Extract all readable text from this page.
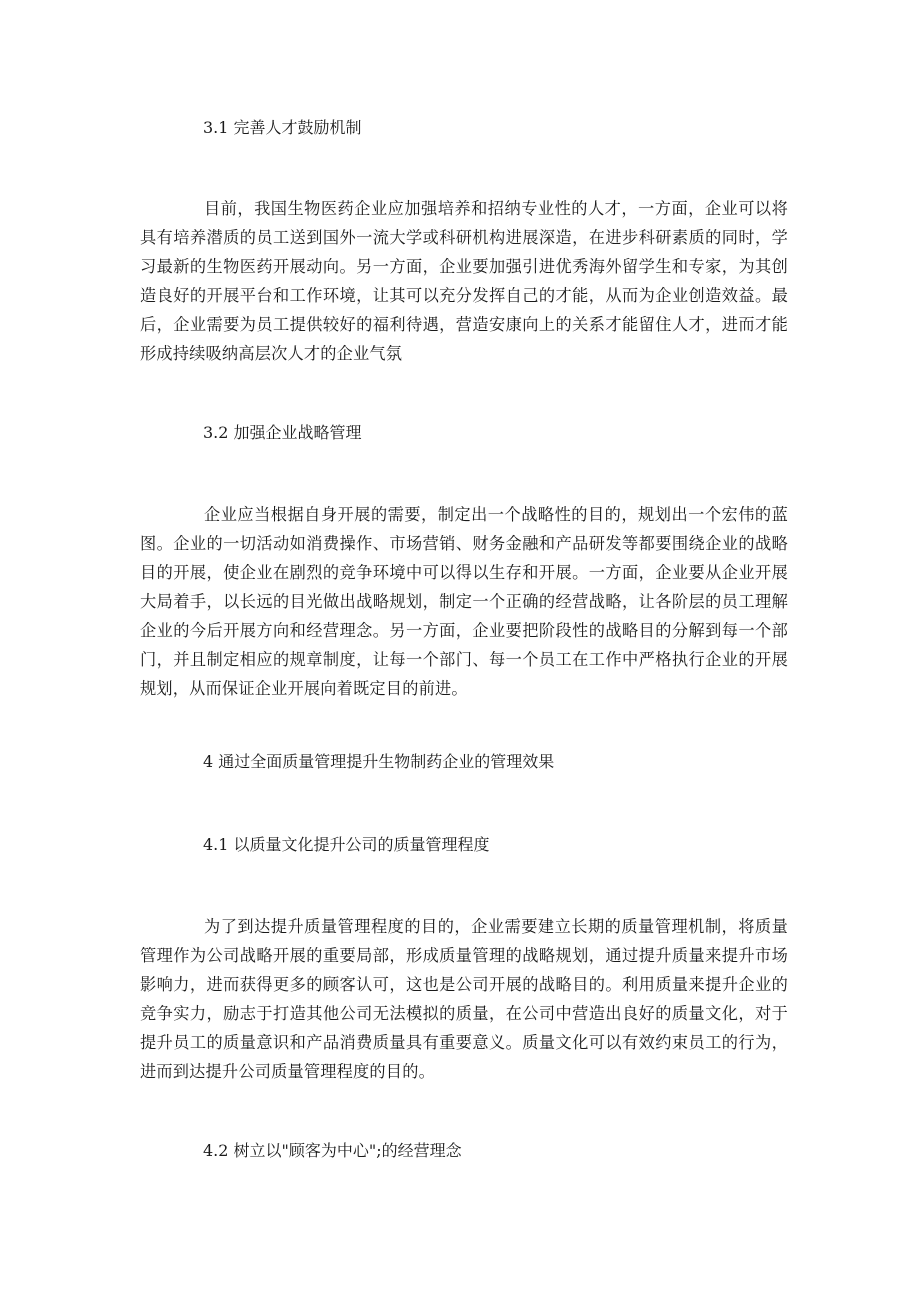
3.1 完善人才鼓励机制

目前，我国生物医药企业应加强培养和招纳专业性的人才，一方面，企业可以将具有培养潜质的员工送到国外一流大学或科研机构进展深造，在进步科研素质的同时，学习最新的生物医药开展动向。另一方面，企业要加强引进优秀海外留学生和专家，为其创造良好的开展平台和工作环境，让其可以充分发挥自己的才能，从而为企业创造效益。最后，企业需要为员工提供较好的福利待遇，营造安康向上的关系才能留住人才，进而才能形成持续吸纳高层次人才的企业气氛

3.2 加强企业战略管理

企业应当根据自身开展的需要，制定出一个战略性的目的，规划出一个宏伟的蓝图。企业的一切活动如消费操作、市场营销、财务金融和产品研发等都要围绕企业的战略目的开展，使企业在剧烈的竞争环境中可以得以生存和开展。一方面，企业要从企业开展大局着手，以长远的目光做出战略规划，制定一个正确的经营战略，让各阶层的员工理解企业的今后开展方向和经营理念。另一方面，企业要把阶段性的战略目的分解到每一个部门，并且制定相应的规章制度，让每一个部门、每一个员工在工作中严格执行企业的开展规划，从而保证企业开展向着既定目的前进。

4 通过全面质量管理提升生物制药企业的管理效果
4.1 以质量文化提升公司的质量管理程度

为了到达提升质量管理程度的目的，企业需要建立长期的质量管理机制，将质量管理作为公司战略开展的重要局部，形成质量管理的战略规划，通过提升质量来提升市场影响力，进而获得更多的顾客认可，这也是公司开展的战略目的。利用质量来提升企业的竞争实力，励志于打造其他公司无法模拟的质量，在公司中营造出良好的质量文化，对于提升员工的质量意识和产品消费质量具有重要意义。质量文化可以有效约束员工的行为，进而到达提升公司质量管理程度的目的。

4.2 树立以"顾客为中心";的经营理念
